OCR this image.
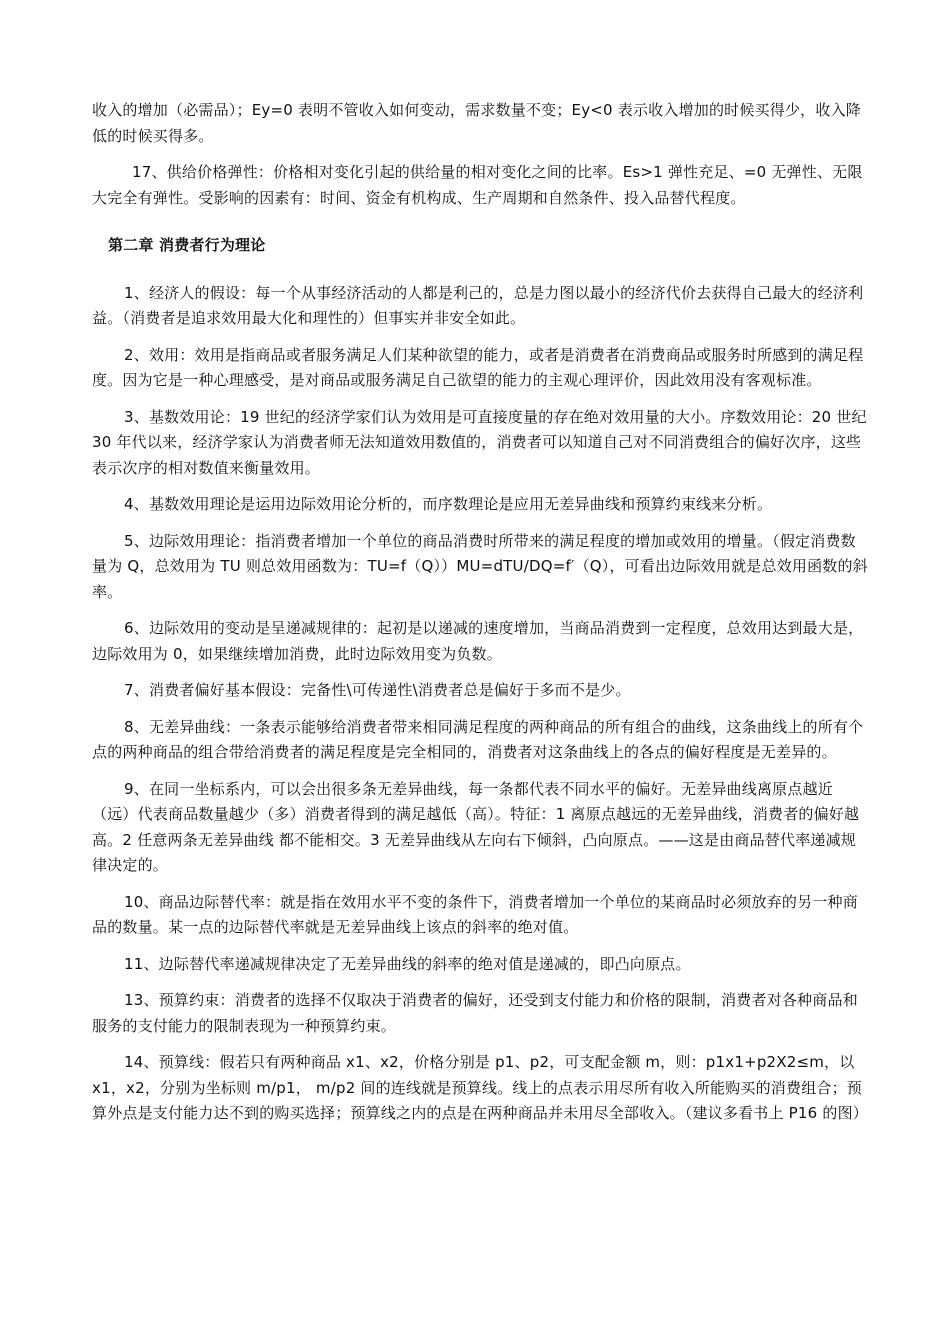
收入的增加（必需品）；Ey=0 表明不管收入如何变动，需求数量不变；Ey<0 表示收入增加的时候买得少，收入降低的时候买得多。

17、供给价格弹性：价格相对变化引起的供给量的相对变化之间的比率。Es>1 弹性充足、=0 无弹性、无限大完全有弹性。受影响的因素有：时间、资金有机构成、生产周期和自然条件、投入品替代程度。

第二章 消费者行为理论

1、经济人的假设：每一个从事经济活动的人都是利己的，总是力图以最小的经济代价去获得自己最大的经济利益。（消费者是追求效用最大化和理性的）但事实并非安全如此。

2、效用：效用是指商品或者服务满足人们某种欲望的能力，或者是消费者在消费商品或服务时所感到的满足程度。因为它是一种心理感受，是对商品或服务满足自己欲望的能力的主观心理评价，因此效用没有客观标准。

3、基数效用论：19 世纪的经济学家们认为效用是可直接度量的存在绝对效用量的大小。序数效用论：20 世纪 30 年代以来，经济学家认为消费者师无法知道效用数值的，消费者可以知道自己对不同消费组合的偏好次序，这些表示次序的相对数值来衡量效用。

4、基数效用理论是运用边际效用论分析的，而序数理论是应用无差异曲线和预算约束线来分析。

5、边际效用理论：指消费者增加一个单位的商品消费时所带来的满足程度的增加或效用的增量。（假定消费数量为 Q，总效用为 TU 则总效用函数为：TU=f（Q））MU=dTU/DQ=f′（Q），可看出边际效用就是总效用函数的斜率。

6、边际效用的变动是呈递减规律的：起初是以递减的速度增加，当商品消费到一定程度，总效用达到最大是，边际效用为 0，如果继续增加消费，此时边际效用变为负数。

7、消费者偏好基本假设：完备性\可传递性\消费者总是偏好于多而不是少。

8、无差异曲线：一条表示能够给消费者带来相同满足程度的两种商品的所有组合的曲线，这条曲线上的所有个点的两种商品的组合带给消费者的满足程度是完全相同的，消费者对这条曲线上的各点的偏好程度是无差异的。

9、在同一坐标系内，可以会出很多条无差异曲线，每一条都代表不同水平的偏好。无差异曲线离原点越近（远）代表商品数量越少（多）消费者得到的满足越低（高）。特征：1 离原点越远的无差异曲线，消费者的偏好越高。2 任意两条无差异曲线 都不能相交。3 无差异曲线从左向右下倾斜，凸向原点。——这是由商品替代率递减规律决定的。

10、商品边际替代率：就是指在效用水平不变的条件下，消费者增加一个单位的某商品时必须放弃的另一种商品的数量。某一点的边际替代率就是无差异曲线上该点的斜率的绝对值。

11、边际替代率递减规律决定了无差异曲线的斜率的绝对值是递减的，即凸向原点。

13、预算约束：消费者的选择不仅取决于消费者的偏好，还受到支付能力和价格的限制，消费者对各种商品和服务的支付能力的限制表现为一种预算约束。

14、预算线：假若只有两种商品 x1、x2，价格分别是 p1、p2，可支配金额 m，则：p1x1+p2X2≤m，以 x1，x2，分别为坐标则 m/p1， m/p2 间的连线就是预算线。线上的点表示用尽所有收入所能购买的消费组合；预算外点是支付能力达不到的购买选择；预算线之内的点是在两种商品并未用尽全部收入。（建议多看书上 P16 的图）
